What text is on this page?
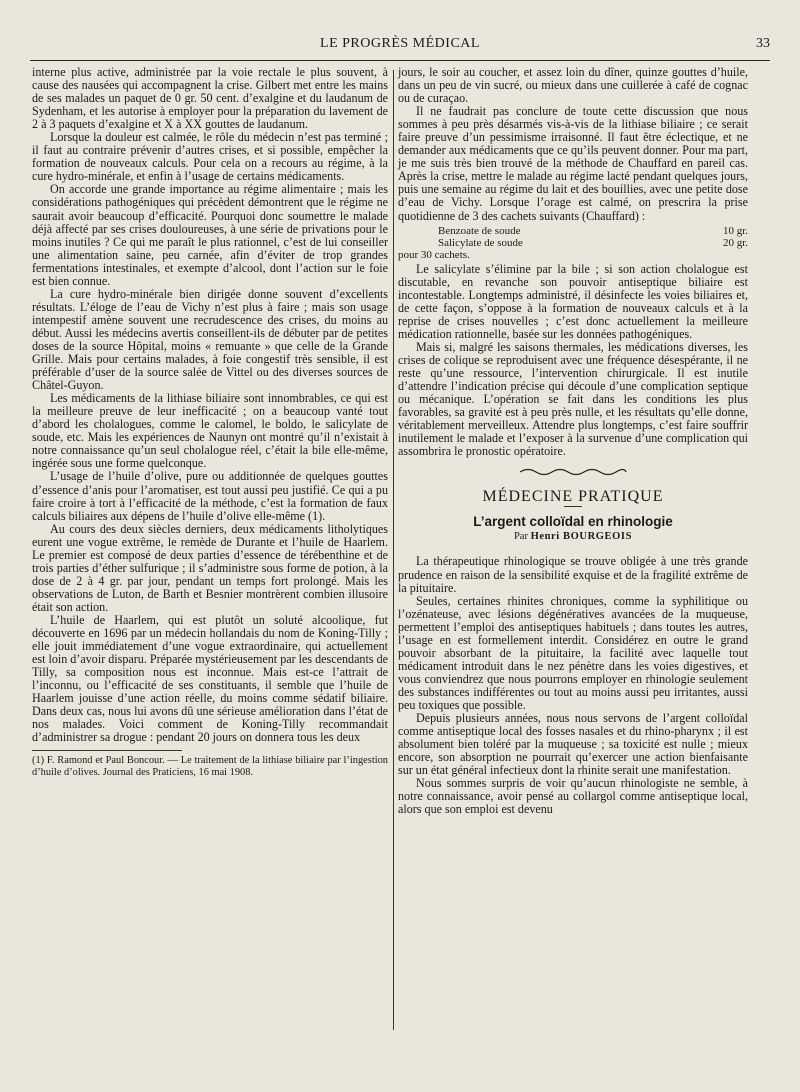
LE PROGRÈS MÉDICAL	33

interne plus active, administrée par la voie rectale le plus souvent, à cause des nausées qui accompagnent la crise. Gilbert met entre les mains de ses malades un paquet de 0 gr. 50 cent. d’exalgine et du laudanum de Sydenham, et les autorise à employer pour la préparation du lavement de 2 à 3 paquets d’exalgine et X à XX gouttes de laudanum.

Lorsque la douleur est calmée, le rôle du médecin n’est pas terminé ; il faut au contraire prévenir d’autres crises, et si possible, empêcher la formation de nouveaux calculs. Pour cela on a recours au régime, à la cure hydro-minérale, et enfin à l’usage de certains médicaments.

On accorde une grande importance au régime alimentaire ; mais les considérations pathogéniques qui précèdent démontrent que le régime ne saurait avoir beaucoup d’efficacité. Pourquoi donc soumettre le malade déjà affecté par ses crises douloureuses, à une série de privations pour le moins inutiles ? Ce qui me paraît le plus rationnel, c’est de lui conseiller une alimentation saine, peu carnée, afin d’éviter de trop grandes fermentations intestinales, et exempte d’alcool, dont l’action sur le foie est bien connue.

La cure hydro-minérale bien dirigée donne souvent d’excellents résultats. L’éloge de l’eau de Vichy n’est plus à faire ; mais son usage intempestif amène souvent une recrudescence des crises, du moins au début. Aussi les médecins avertis conseillent-ils de débuter par de petites doses de la source Hôpital, moins « remuante » que celle de la Grande Grille. Mais pour certains malades, à foie congestif très sensible, il est préférable d’user de la source salée de Vittel ou des diverses sources de Châtel-Guyon.

Les médicaments de la lithiase biliaire sont innombrables, ce qui est la meilleure preuve de leur inefficacité ; on a beaucoup vanté tout d’abord les cholalogues, comme le calomel, le boldo, le salicylate de soude, etc. Mais les expériences de Naunyn ont montré qu’il n’existait à notre connaissance qu’un seul cholalogue réel, c’était la bile elle-même, ingérée sous une forme quelconque.

L’usage de l’huile d’olive, pure ou additionnée de quelques gouttes d’essence d’anis pour l’aromatiser, est tout aussi peu justifié. Ce qui a pu faire croire à tort à l’efficacité de la méthode, c’est la formation de faux calculs biliaires aux dépens de l’huile d’olive elle-même (1).

Au cours des deux siècles derniers, deux médicaments litholytiques eurent une vogue extrême, le remède de Durante et l’huile de Haarlem. Le premier est composé de deux parties d’essence de térébenthine et de trois parties d’éther sulfurique ; il s’administre sous forme de potion, à la dose de 2 à 4 gr. par jour, pendant un temps fort prolongé. Mais les observations de Luton, de Barth et Besnier montrèrent combien illusoire était son action.

L’huile de Haarlem, qui est plutôt un soluté alcoolique, fut découverte en 1696 par un médecin hollandais du nom de Koning-Tilly ; elle jouit immédiatement d’une vogue extraordinaire, qui actuellement est loin d’avoir disparu. Préparée mystérieusement par les descendants de Tilly, sa composition nous est inconnue. Mais est-ce l’attrait de l’inconnu, ou l’efficacité de ses constituants, il semble que l’huile de Haarlem jouisse d’une action réelle, du moins comme sédatif biliaire. Dans deux cas, nous lui avons dû une sérieuse amélioration dans l’état de nos malades. Voici comment de Koning-Tilly recommandait d’administrer sa drogue : pendant 20 jours on donnera tous les deux

(1) F. Ramond et Paul Boncour. — Le traitement de la lithiase biliaire par l’ingestion d’huile d’olives. Journal des Praticiens, 16 mai 1908.

jours, le soir au coucher, et assez loin du dîner, quinze gouttes d’huile, dans un peu de vin sucré, ou mieux dans une cuillerée à café de cognac ou de curaçao.

Il ne faudrait pas conclure de toute cette discussion que nous sommes à peu près désarmés vis-à-vis de la lithiase biliaire ; ce serait faire preuve d’un pessimisme irraisonné. Il faut être éclectique, et ne demander aux médicaments que ce qu’ils peuvent donner. Pour ma part, je me suis très bien trouvé de la méthode de Chauffard en pareil cas. Après la crise, mettre le malade au régime lacté pendant quelques jours, puis une semaine au régime du lait et des bouillies, avec une petite dose d’eau de Vichy. Lorsque l’orage est calmé, on prescrira la prise quotidienne de 3 des cachets suivants (Chauffard) :

Benzoate de soude	10 gr.
Salicylate de soude	20 gr.
pour 30 cachets.

Le salicylate s’élimine par la bile ; si son action cholalogue est discutable, en revanche son pouvoir antiseptique biliaire est incontestable. Longtemps administré, il désinfecte les voies biliaires et, de cette façon, s’oppose à la formation de nouveaux calculs et à la reprise de crises nouvelles ; c’est donc actuellement la meilleure médication rationnelle, basée sur les données pathogéniques.

Mais si, malgré les saisons thermales, les médications diverses, les crises de colique se reproduisent avec une fréquence désespérante, il ne reste qu’une ressource, l’intervention chirurgicale. Il est inutile d’attendre l’indication précise qui découle d’une complication septique ou mécanique. L’opération se fait dans les conditions les plus favorables, sa gravité est à peu près nulle, et les résultats qu’elle donne, véritablement merveilleux. Attendre plus longtemps, c’est faire souffrir inutilement le malade et l’exposer à la survenue d’une complication qui assombrira le pronostic opératoire.

MÉDECINE PRATIQUE
L’argent colloïdal en rhinologie
Par Henri BOURGEOIS

La thérapeutique rhinologique se trouve obligée à une très grande prudence en raison de la sensibilité exquise et de la fragilité extrême de la pituitaire.

Seules, certaines rhinites chroniques, comme la syphilitique ou l’ozénateuse, avec lésions dégénératives avancées de la muqueuse, permettent l’emploi des antiseptiques habituels ; dans toutes les autres, l’usage en est formellement interdit. Considérez en outre le grand pouvoir absorbant de la pituitaire, la facilité avec laquelle tout médicament introduit dans le nez pénètre dans les voies digestives, et vous conviendrez que nous pourrons employer en rhinologie seulement des substances indifférentes ou tout au moins aussi peu irritantes, aussi peu toxiques que possible.

Depuis plusieurs années, nous nous servons de l’argent colloïdal comme antiseptique local des fosses nasales et du rhino-pharynx ; il est absolument bien toléré par la muqueuse ; sa toxicité est nulle ; mieux encore, son absorption ne pourrait qu’exercer une action bienfaisante sur un état général infectieux dont la rhinite serait une manifestation.

Nous sommes surpris de voir qu’aucun rhinologiste ne semble, à notre connaissance, avoir pensé au collargol comme antiseptique local, alors que son emploi est devenu
